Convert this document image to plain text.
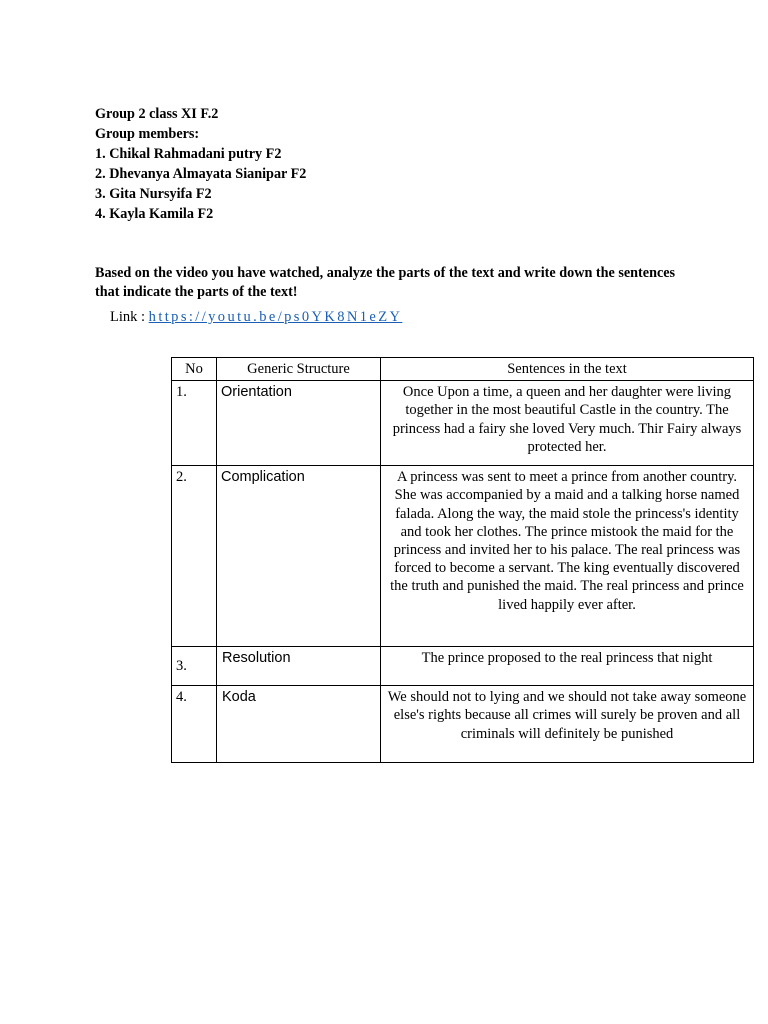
Group 2 class XI F.2
Group members:
1. Chikal Rahmadani putry F2
2. Dhevanya Almayata Sianipar F2
3. Gita Nursyifa F2
4. Kayla Kamila F2
Based on the video you have watched, analyze the parts of the text and write down the sentences that indicate the parts of the text!
Link : https://youtu.be/ps0YK8N1eZY
No	Generic Structure	Sentences in the text
1.	Orientation	Once Upon a time, a queen and her daughter were living together in the most beautiful Castle in the country. The princess had a fairy she loved Very much. Thir Fairy always protected her.
2.	Complication	A princess was sent to meet a prince from another country. She was accompanied by a maid and a talking horse named falada. Along the way, the maid stole the princess's identity and took her clothes. The prince mistook the maid for the princess and invited her to his palace. The real princess was forced to become a servant. The king eventually discovered the truth and punished the maid. The real princess and prince lived happily ever after.
3.	Resolution	The prince proposed to the real princess that night
4.	Koda	We should not to lying and we should not take away someone else's rights because all crimes will surely be proven and all criminals will definitely be punished
